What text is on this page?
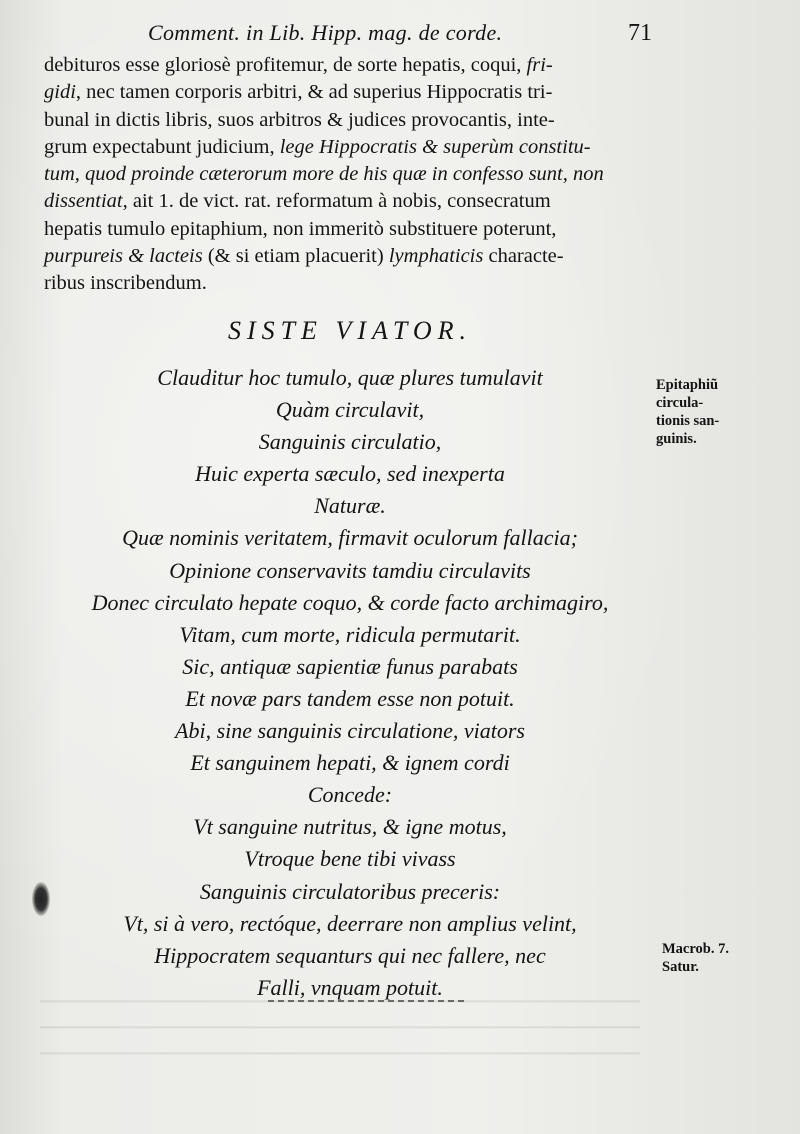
Comment. in Lib. Hipp. mag. de corde.	71
debituros esse gloriosè profitemur, de sorte hepatis, coqui, fri-
gidi, nec tamen corporis arbitri, & ad superius Hippocratis tri-
bunal in dictis libris, suos arbitros & judices provocantis, inte-
grum expectabunt judicium, lege Hippocratis & superùm constitu-
tum, quod proinde cæterorum more de his quæ in confesso sunt, non
dissentiat, ait 1. de vict. rat. reformatum à nobis, consecratum
hepatis tumulo epitaphium, non immeritò substituere poterunt,
purpureis & lacteis (& si etiam placuerit) lymphaticis characte-
ribus inscribendum.
SISTE VIATOR.
Clauditur hoc tumulo, quæ plures tumulavit
Quàm circulavit,
Sanguinis circulatio,
Huic experta sæculo, sed inexperta
Naturæ.
Quæ nominis veritatem, firmavit oculorum fallacia;
Opinione conservavits tamdiu circulavits
Donec circulato hepate coquo, & corde facto archimagiro,
Vitam, cum morte, ridicula permutarit.
Sic, antiquæ sapientiæ funus parabats
Et novæ pars tandem esse non potuit.
Abi, sine sanguinis circulatione, viators
Et sanguinem hepati, & ignem cordi
Concede:
Vt sanguine nutritus, & igne motus,
Vtroque bene tibi vivass
Sanguinis circulatoribus preceris:
Vt, si à vero, rectóque, deerrare non amplius velint,
Hippocratem sequanturs qui nec fallere, nec
Falli, vnquam potuit.
Epitaphiũ
circula-
tionis san-
guinis.
Macrob. 7.
Satur.
